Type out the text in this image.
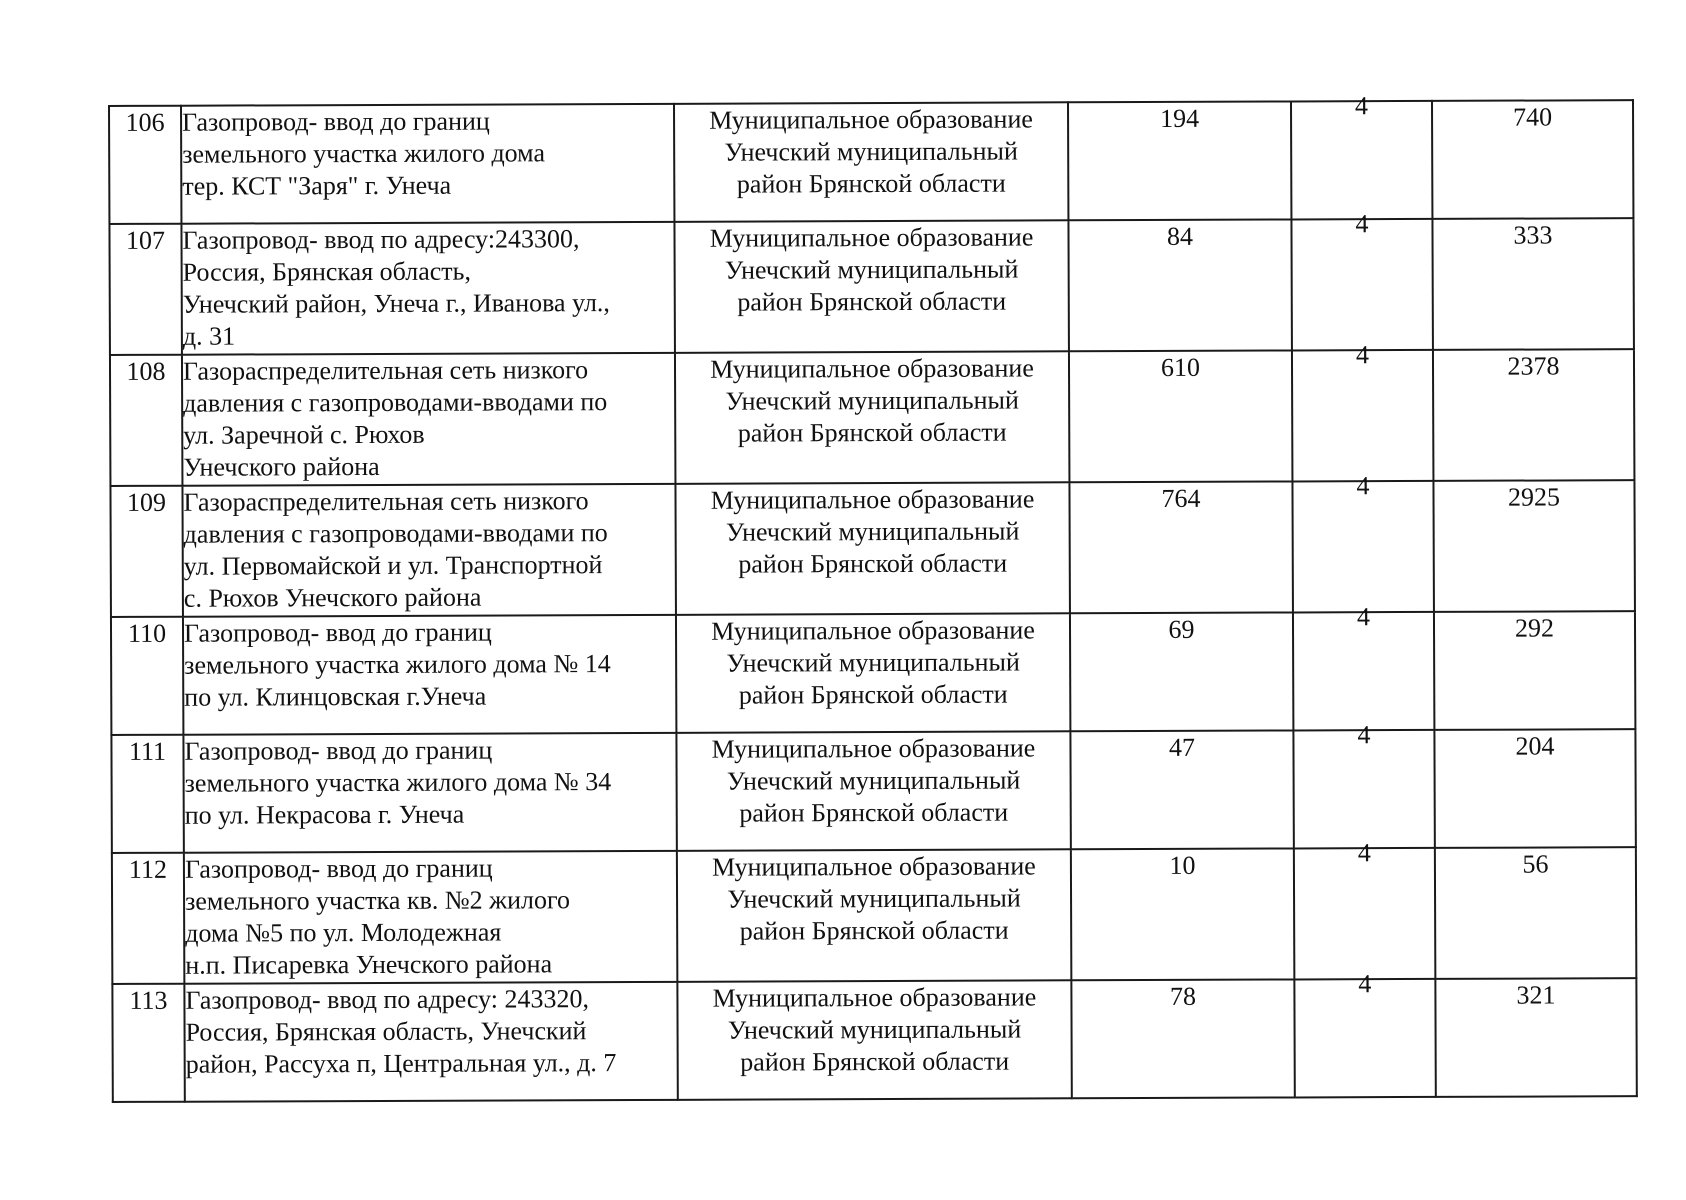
106	Газопровод- ввод до границ
земельного участка жилого дома
тер. КСТ "Заря" г. Унеча	Муниципальное образование
Унечский муниципальный
район Брянской области	194	4	740
107	Газопровод- ввод по адресу:243300,
Россия, Брянская область,
Унечский район, Унеча г., Иванова ул.,
д. 31	Муниципальное образование
Унечский муниципальный
район Брянской области	84	4	333
108	Газораспределительная сеть низкого
давления с газопроводами-вводами по
ул. Заречной с. Рюхов
Унечского района	Муниципальное образование
Унечский муниципальный
район Брянской области	610	4	2378
109	Газораспределительная сеть низкого
давления с газопроводами-вводами по
ул. Первомайской и ул. Транспортной
с. Рюхов Унечского района	Муниципальное образование
Унечский муниципальный
район Брянской области	764	4	2925
110	Газопровод- ввод до границ
земельного участка жилого дома № 14
по ул. Клинцовская г.Унеча	Муниципальное образование
Унечский муниципальный
район Брянской области	69	4	292
111	Газопровод- ввод до границ
земельного участка жилого дома № 34
по ул. Некрасова г. Унеча	Муниципальное образование
Унечский муниципальный
район Брянской области	47	4	204
112	Газопровод- ввод до границ
земельного участка кв. №2 жилого
дома №5 по ул. Молодежная
н.п. Писаревка Унечского района	Муниципальное образование
Унечский муниципальный
район Брянской области	10	4	56
113	Газопровод- ввод по адресу: 243320,
Россия, Брянская область, Унечский
район, Рассуха п, Центральная ул., д. 7	Муниципальное образование
Унечский муниципальный
район Брянской области	78	4	321
